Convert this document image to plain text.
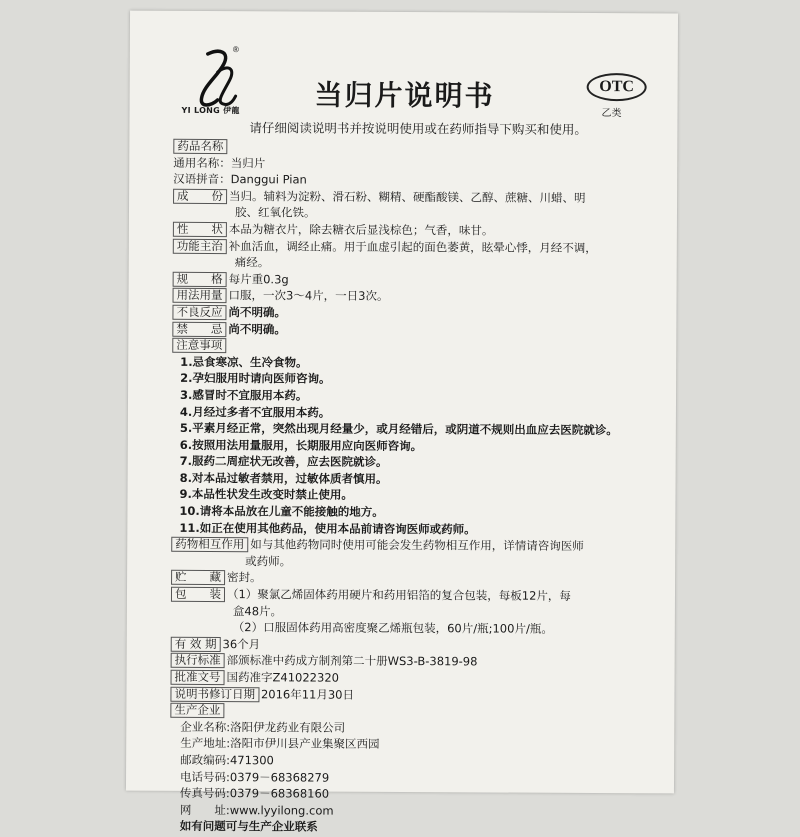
®
YI LONG 伊龍	当归片说明书	OTC
乙类
请仔细阅读说明书并按说明使用或在药师指导下购买和使用。
药品名称
通用名称：当归片
汉语拼音：Danggui Pian
成　　份 当归。辅料为淀粉、滑石粉、糊精、硬酯酸镁、乙醇、蔗糖、川蜡、明
胶、红氧化铁。
性　　状 本品为糖衣片，除去糖衣后显浅棕色；气香，味甘。
功能主治 补血活血，调经止痛。用于血虚引起的面色萎黄，眩晕心悸，月经不调，
痛经。
规　　格 每片重0.3g
用法用量 口服，一次3～4片，一日3次。
不良反应 尚不明确。
禁　　忌 尚不明确。
注意事项
1.忌食寒凉、生冷食物。
2.孕妇服用时请向医师咨询。
3.感冒时不宜服用本药。
4.月经过多者不宜服用本药。
5.平素月经正常，突然出现月经量少，或月经错后，或阴道不规则出血应去医院就诊。
6.按照用法用量服用，长期服用应向医师咨询。
7.服药二周症状无改善，应去医院就诊。
8.对本品过敏者禁用，过敏体质者慎用。
9.本品性状发生改变时禁止使用。
10.请将本品放在儿童不能接触的地方。
11.如正在使用其他药品，使用本品前请咨询医师或药师。
药物相互作用 如与其他药物同时使用可能会发生药物相互作用，详情请咨询医师
或药师。
贮　　藏 密封。
包　　装 （1）聚氯乙烯固体药用硬片和药用铝箔的复合包装，每板12片，每
盒48片。
（2）口服固体药用高密度聚乙烯瓶包装，60片/瓶;100片/瓶。
有 效 期 36个月
执行标准 部颁标准中药成方制剂第二十册WS3-B-3819-98
批准文号 国药准字Z41022320
说明书修订日期 2016年11月30日
生产企业
企业名称:洛阳伊龙药业有限公司
生产地址:洛阳市伊川县产业集聚区西园
邮政编码:471300
电话号码:0379－68368279
传真号码:0379－68368160
网　　址:www.lyyilong.com
如有问题可与生产企业联系
